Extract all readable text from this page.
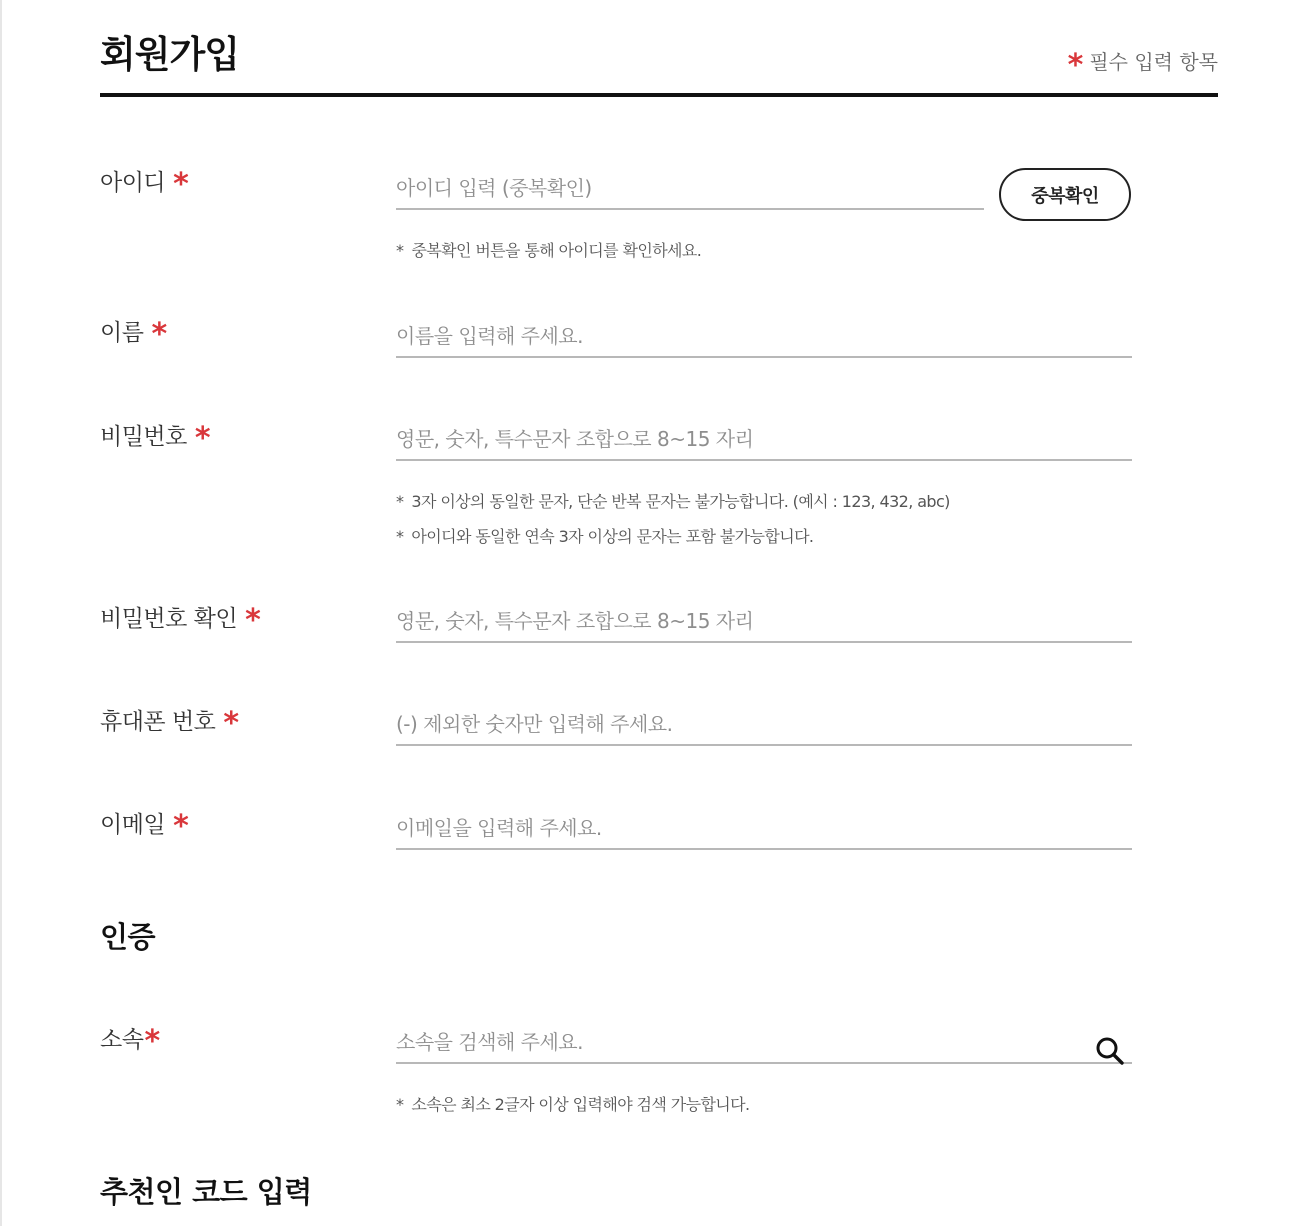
회원가입	* 필수 입력 항목
아이디 *
아이디 입력 (중복확인)	중복확인
* 중복확인 버튼을 통해 아이디를 확인하세요.
이름 *
이름을 입력해 주세요.
비밀번호 *
* 3자 이상의 동일한 문자, 단순 반복 문자는 불가능합니다. (예시 : 123, 432, abc)
* 아이디와 동일한 연속 3자 이상의 문자는 포함 불가능합니다.
비밀번호 확인 *
휴대폰 번호 *
(-) 제외한 숫자만 입력해 주세요.
이메일 *
이메일을 입력해 주세요.
인증
소속*
소속을 검색해 주세요.
* 소속은 최소 2글자 이상 입력해야 검색 가능합니다.
추천인 코드 입력
